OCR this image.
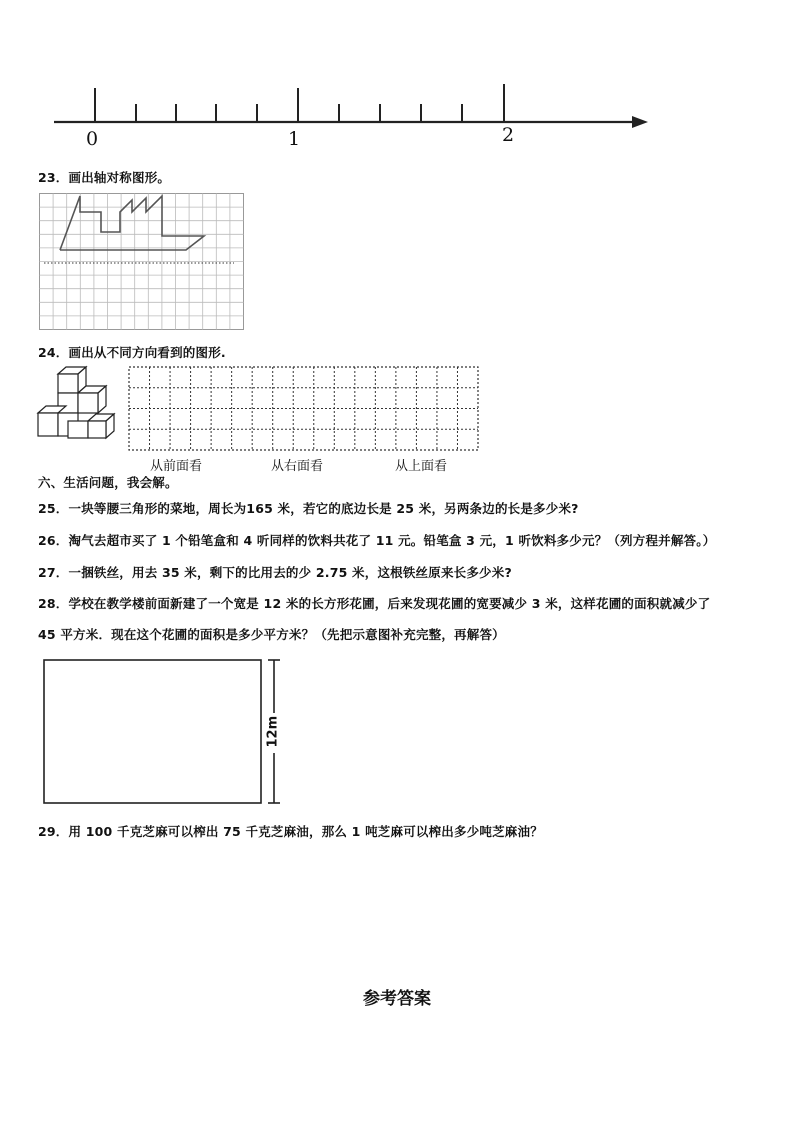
0	1	2
23．画出轴对称图形。
24．画出从不同方向看到的图形.
从前面看	从右面看	从上面看
六、生活问题，我会解。
25．一块等腰三角形的菜地，周长为165 米，若它的底边长是 25 米，另两条边的长是多少米?
26．淘气去超市买了 1 个铅笔盒和 4 听同样的饮料共花了 11 元。铅笔盒 3 元，1 听饮料多少元？（列方程并解答。）
27．一捆铁丝，用去 35 米，剩下的比用去的少 2.75 米，这根铁丝原来长多少米?
28．学校在教学楼前面新建了一个宽是 12 米的长方形花圃，后来发现花圃的宽要减少 3 米，这样花圃的面积就减少了
45 平方米．现在这个花圃的面积是多少平方米？（先把示意图补充完整，再解答）
12m
29．用 100 千克芝麻可以榨出 75 千克芝麻油，那么 1 吨芝麻可以榨出多少吨芝麻油？
参考答案
